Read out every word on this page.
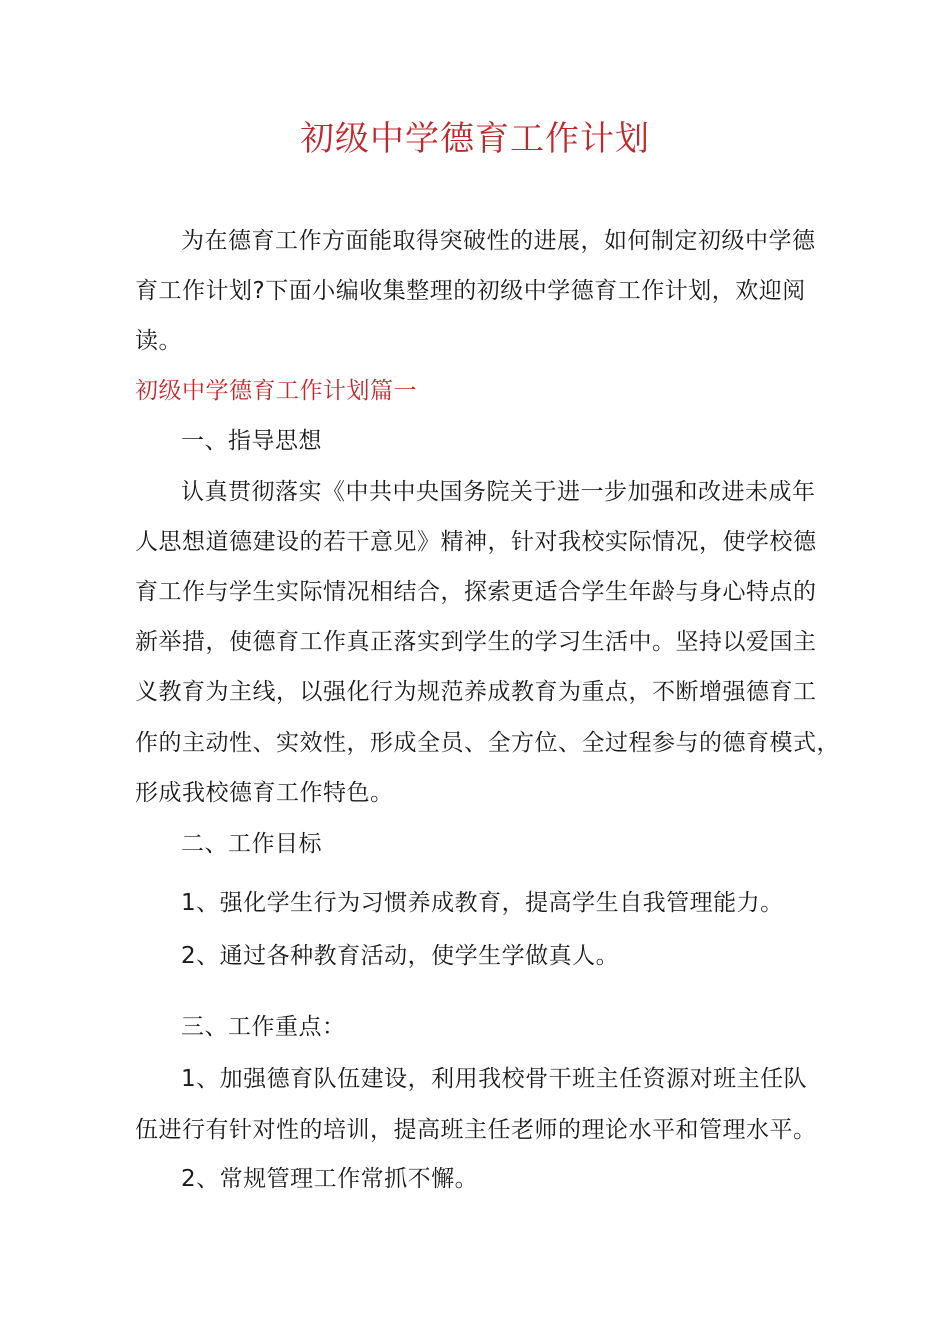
初级中学德育工作计划
为在德育工作方面能取得突破性的进展，如何制定初级中学德
育工作计划?下面小编收集整理的初级中学德育工作计划，欢迎阅
读。
初级中学德育工作计划篇一
一、指导思想
认真贯彻落实《中共中央国务院关于进一步加强和改进未成年
人思想道德建设的若干意见》精神，针对我校实际情况，使学校德
育工作与学生实际情况相结合，探索更适合学生年龄与身心特点的
新举措，使德育工作真正落实到学生的学习生活中。坚持以爱国主
义教育为主线，以强化行为规范养成教育为重点，不断增强德育工
作的主动性、实效性，形成全员、全方位、全过程参与的德育模式，
形成我校德育工作特色。
二、工作目标
1、强化学生行为习惯养成教育，提高学生自我管理能力。
2、通过各种教育活动，使学生学做真人。
三、工作重点：
1、加强德育队伍建设，利用我校骨干班主任资源对班主任队
伍进行有针对性的培训，提高班主任老师的理论水平和管理水平。
2、常规管理工作常抓不懈。
